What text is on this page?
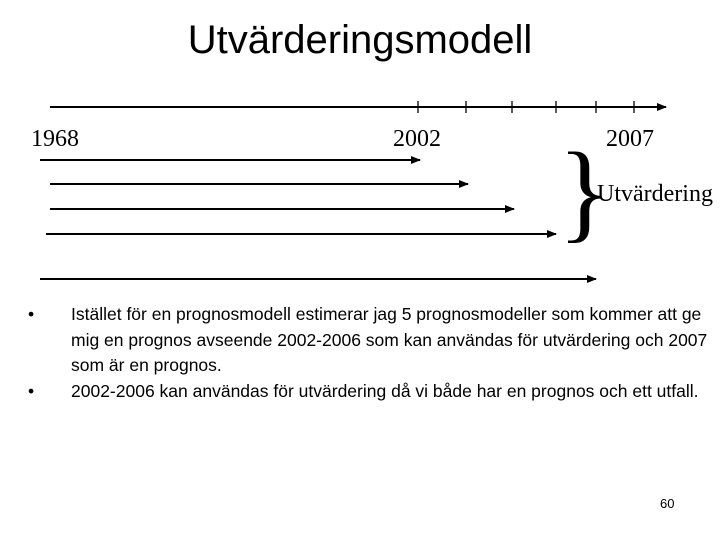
Utvärderingsmodell
1968	2002	2007
}
Utvärdering
• Istället för en prognosmodell estimerar jag 5 prognosmodeller som kommer att ge mig en prognos avseende 2002-2006 som kan användas för utvärdering och 2007 som är en prognos.
• 2002-2006 kan användas för utvärdering då vi både har en prognos och ett utfall.
60
